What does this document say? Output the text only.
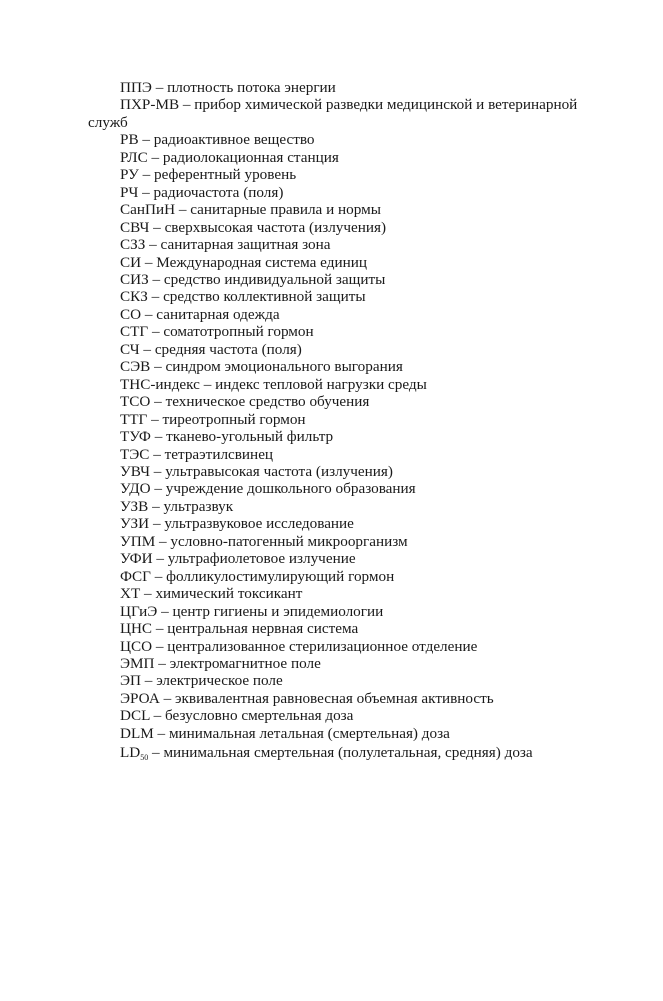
ППЭ – плотность потока энергии
ПХР-МВ – прибор химической разведки медицинской и ветеринарной
служб
РВ – радиоактивное вещество
РЛС – радиолокационная станция
РУ – референтный уровень
РЧ – радиочастота (поля)
СанПиН – санитарные правила и нормы
СВЧ – сверхвысокая частота (излучения)
СЗЗ – санитарная защитная зона
СИ – Международная система единиц
СИЗ – средство индивидуальной защиты
СКЗ – средство коллективной защиты
СО – санитарная одежда
СТГ – соматотропный гормон
СЧ – средняя частота (поля)
СЭВ – синдром эмоционального выгорания
ТНС-индекс – индекс тепловой нагрузки среды
ТСО – техническое средство обучения
ТТГ – тиреотропный гормон
ТУФ – тканево-угольный фильтр
ТЭС – тетраэтилсвинец
УВЧ – ультравысокая частота (излучения)
УДО – учреждение дошкольного образования
УЗВ – ультразвук
УЗИ – ультразвуковое исследование
УПМ – условно-патогенный микроорганизм
УФИ – ультрафиолетовое излучение
ФСГ – фолликулостимулирующий гормон
ХТ – химический токсикант
ЦГиЭ – центр гигиены и эпидемиологии
ЦНС – центральная нервная система
ЦСО – централизованное стерилизационное отделение
ЭМП – электромагнитное поле
ЭП – электрическое поле
ЭРОА – эквивалентная равновесная объемная активность
DCL – безусловно смертельная доза
DLM – минимальная летальная (смертельная) доза
$LD_{50}$ – минимальная смертельная (полулетальная, средняя) доза
